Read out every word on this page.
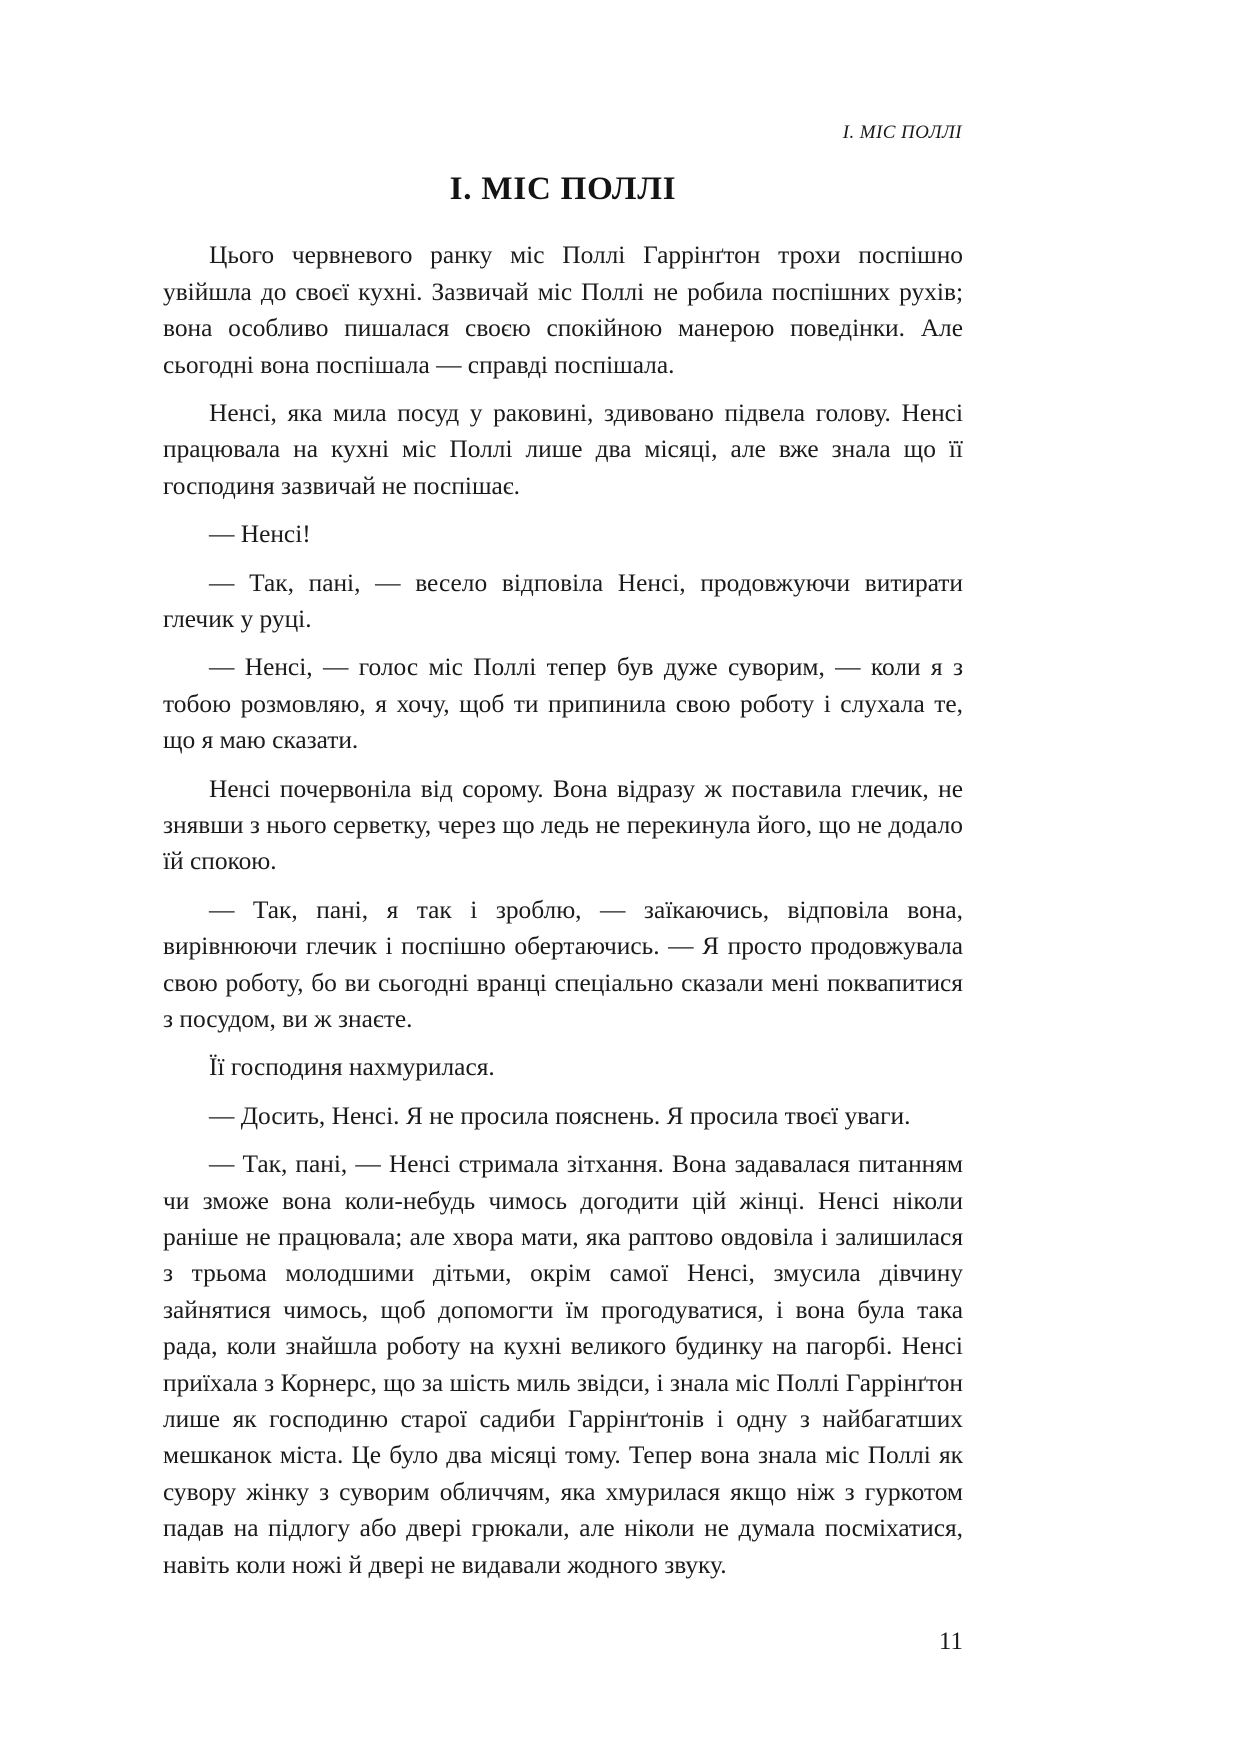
І. МІС ПОЛЛІ
І. МІС ПОЛЛІ

Цього червневого ранку міс Поллі Гаррінґтон трохи поспішно увійшла до своєї кухні. Зазвичай міс Поллі не робила поспішних рухів; вона особливо пишалася своєю спокійною манерою поведінки. Але сьогодні вона поспішала — справді поспішала.

Ненсі, яка мила посуд у раковині, здивовано підвела голову. Ненсі працювала на кухні міс Поллі лише два місяці, але вже знала що її господиня зазвичай не поспішає.

— Ненсі!

— Так, пані, — весело відповіла Ненсі, продовжуючи витирати глечик у руці.

— Ненсі, — голос міс Поллі тепер був дуже суворим, — коли я з тобою розмовляю, я хочу, щоб ти припинила свою роботу і слухала те, що я маю сказати.

Ненсі почервоніла від сорому. Вона відразу ж поставила глечик, не знявши з нього серветку, через що ледь не перекинула його, що не додало їй спокою.

— Так, пані, я так і зроблю, — заїкаючись, відповіла вона, вирівнюючи глечик і поспішно обертаючись. — Я просто продовжувала свою роботу, бо ви сьогодні вранці спеціально сказали мені поквапитися з посудом, ви ж знаєте.

Її господиня нахмурилася.

— Досить, Ненсі. Я не просила пояснень. Я просила твоєї уваги.

— Так, пані, — Ненсі стримала зітхання. Вона задавалася питанням чи зможе вона коли-небудь чимось догодити цій жінці. Ненсі ніколи раніше не працювала; але хвора мати, яка раптово овдовіла і залишилася з трьома молодшими дітьми, окрім самої Ненсі, змусила дівчину зайнятися чимось, щоб допомогти їм прогодуватися, і вона була така рада, коли знайшла роботу на кухні великого будинку на пагорбі. Ненсі приїхала з Корнерс, що за шість миль звідси, і знала міс Поллі Гаррінґтон лише як господиню старої садиби Гаррінґтонів і одну з найбагатших мешканок міста. Це було два місяці тому. Тепер вона знала міс Поллі як сувору жінку з суворим обличчям, яка хмурилася якщо ніж з гуркотом падав на підлогу або двері грюкали, але ніколи не думала посміхатися, навіть коли ножі й двері не видавали жодного звуку.

11
